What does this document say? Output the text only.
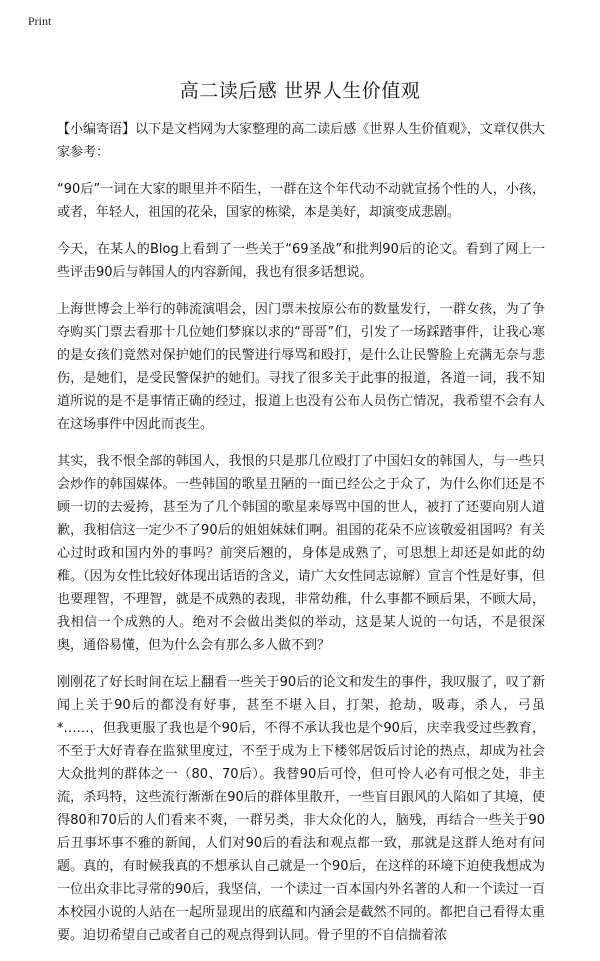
Print
高二读后感 世界人生价值观

【小编寄语】以下是文档网为大家整理的高二读后感《世界人生价值观》，文章仅供大家参考：

“90后”一词在大家的眼里并不陌生，一群在这个年代动不动就宣扬个性的人，小孩，或者，年轻人，祖国的花朵，国家的栋梁，本是美好，却演变成悲剧。

今天，在某人的Blog上看到了一些关于“69圣战”和批判90后的论文。看到了网上一些评击90后与韩国人的内容新闻，我也有很多话想说。

上海世博会上举行的韩流演唱会，因门票未按原公布的数量发行，一群女孩，为了争夺购买门票去看那十几位她们梦寐以求的“哥哥”们，引发了一场踩踏事件，让我心寒的是女孩们竟然对保护她们的民警进行辱骂和殴打，是什么让民警脸上充满无奈与悲伤，是她们，是受民警保护的她们。寻找了很多关于此事的报道，各道一词，我不知道所说的是不是事情正确的经过，报道上也没有公布人员伤亡情况，我希望不会有人在这场事件中因此而丧生。

其实，我不恨全部的韩国人，我恨的只是那几位殴打了中国妇女的韩国人，与一些只会炒作的韩国媒体。一些韩国的歌星丑陋的一面已经公之于众了，为什么你们还是不顾一切的去爱挎，甚至为了几个韩国的歌星来辱骂中国的世人，被打了还要向别人道歉，我相信这一定少不了90后的姐姐妹妹们啊。祖国的花朵不应该敬爱祖国吗？有关心过时政和国内外的事吗？前突后翘的，身体是成熟了，可思想上却还是如此的幼稚。（因为女性比较好体现出话语的含义，请广大女性同志谅解）宣言个性是好事，但也要理智，不理智，就是不成熟的表现，非常幼稚，什么事都不顾后果，不顾大局，我相信一个成熟的人。绝对不会做出类似的举动，这是某人说的一句话，不是很深奥，通俗易懂，但为什么会有那么多人做不到？

刚刚花了好长时间在坛上翻看一些关于90后的论文和发生的事件，我叹服了，叹了新闻上关于90后的都没有好事，甚至不堪入目，打架，抢劫，吸毒，杀人，弓虽*……，但我更服了我也是个90后，不得不承认我也是个90后，庆幸我受过些教育，不至于大好青春在监狱里度过，不至于成为上下楼邻居饭后讨论的热点，却成为社会大众批判的群体之一（80、70后）。我替90后可怜，但可怜人必有可恨之处，非主流，杀玛特，这些流行渐渐在90后的群体里散开，一些盲目跟风的人陷如了其境，使得80和70后的人们看来不爽，一群另类，非大众化的人，脑残，再结合一些关于90后丑事坏事不雅的新闻，人们对90后的看法和观点都一致，那就是这群人绝对有问题。真的，有时候我真的不想承认自己就是一个90后，在这样的环境下迫使我想成为一位出众非比寻常的90后，我坚信，一个读过一百本国内外名著的人和一个读过一百本校园小说的人站在一起所显现出的底蕴和内涵会是截然不同的。都把自己看得太重要。迫切希望自己或者自己的观点得到认同。骨子里的不自信揣着浓
